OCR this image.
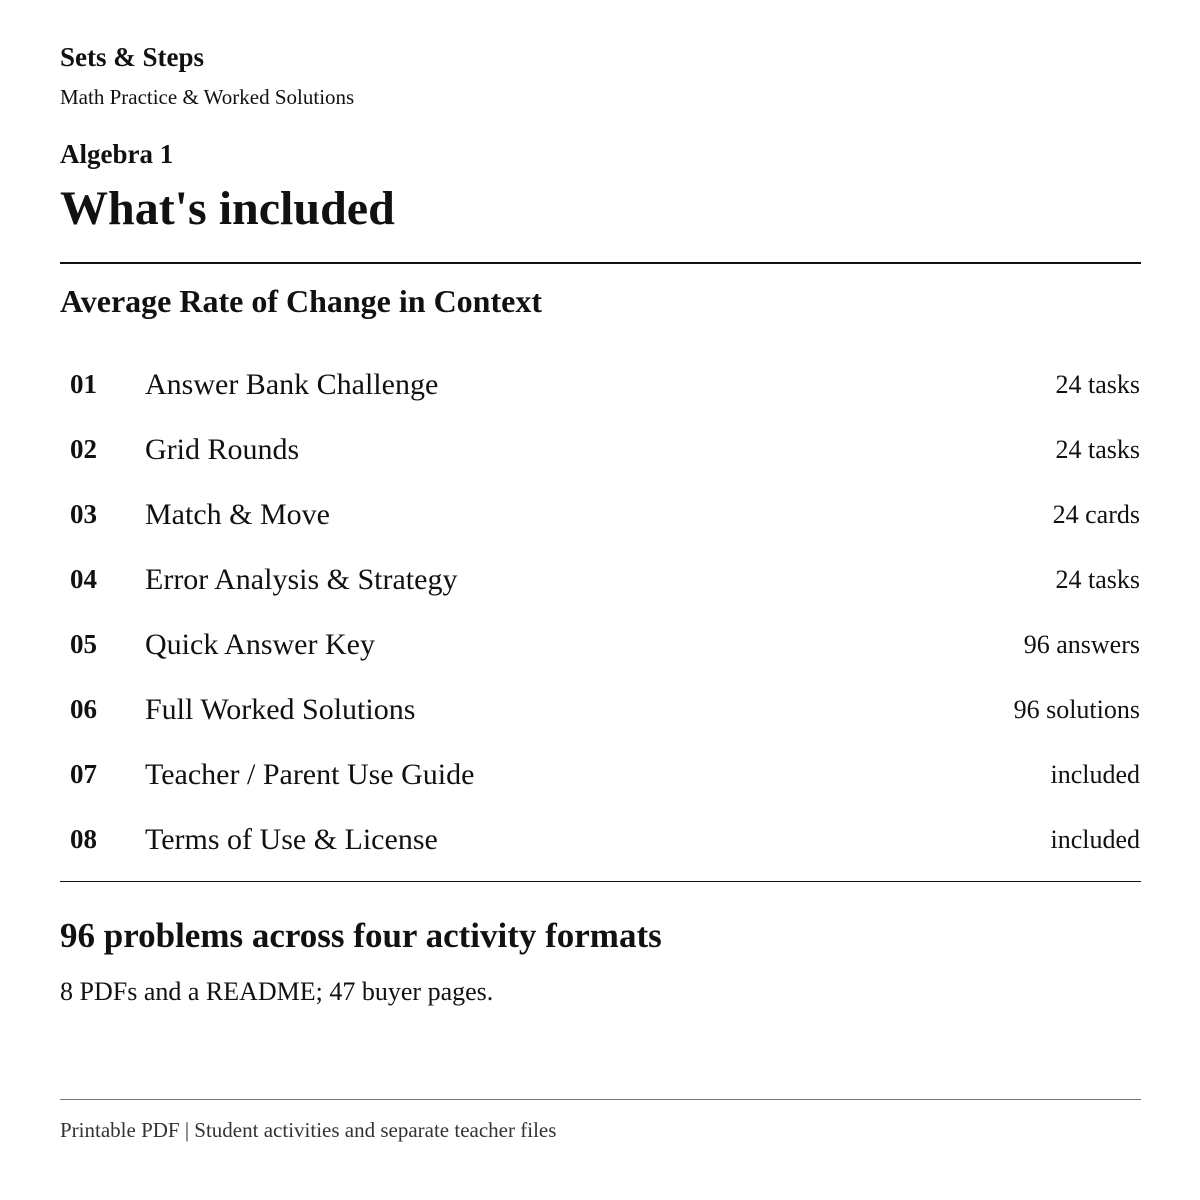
Sets & Steps
Math Practice & Worked Solutions
Algebra 1
What's included
Average Rate of Change in Context
01 Answer Bank Challenge	24 tasks
02 Grid Rounds	24 tasks
03 Match & Move	24 cards
04 Error Analysis & Strategy	24 tasks
05 Quick Answer Key	96 answers
06 Full Worked Solutions	96 solutions
07 Teacher / Parent Use Guide	included
08 Terms of Use & License	included
96 problems across four activity formats
8 PDFs and a README; 47 buyer pages.
Printable PDF | Student activities and separate teacher files
